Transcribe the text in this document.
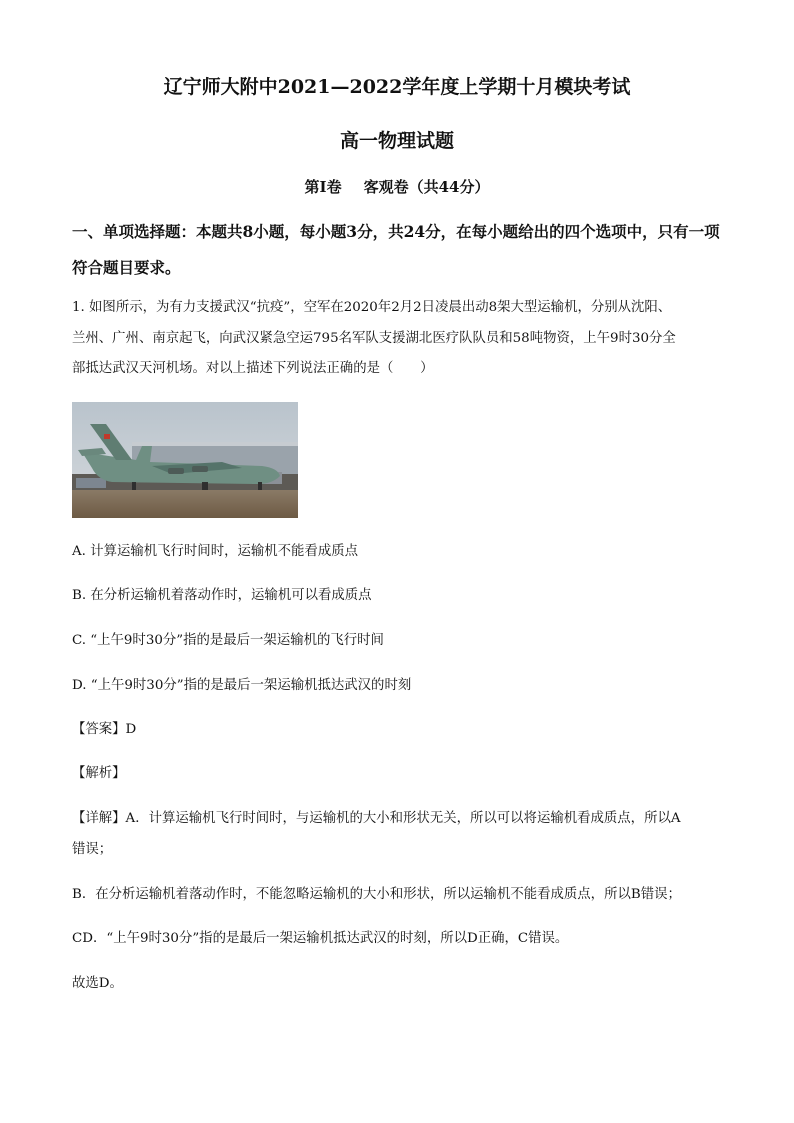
辽宁师大附中2021—2022学年度上学期十月模块考试
高一物理试题
第Ⅰ卷 客观卷（共44分）
一、单项选择题：本题共8小题，每小题3分，共24分，在每小题给出的四个选项中，只有一项符合题目要求。
1. 如图所示，为有力支援武汉“抗疫”，空军在2020年2月2日凌晨出动8架大型运输机，分别从沈阳、
兰州、广州、南京起飞，向武汉紧急空运795名军队支援湖北医疗队队员和58吨物资，上午9时30分全
部抵达武汉天河机场。对以上描述下列说法正确的是（　　）
A. 计算运输机飞行时间时，运输机不能看成质点
B. 在分析运输机着落动作时，运输机可以看成质点
C. “上午9时30分”指的是最后一架运输机的飞行时间
D. “上午9时30分”指的是最后一架运输机抵达武汉的时刻
【答案】D
【解析】
【详解】A．计算运输机飞行时间时，与运输机的大小和形状无关，所以可以将运输机看成质点，所以A
错误；
B．在分析运输机着落动作时，不能忽略运输机的大小和形状，所以运输机不能看成质点，所以B错误；
CD．“上午9时30分”指的是最后一架运输机抵达武汉的时刻，所以D正确，C错误。
故选D。
